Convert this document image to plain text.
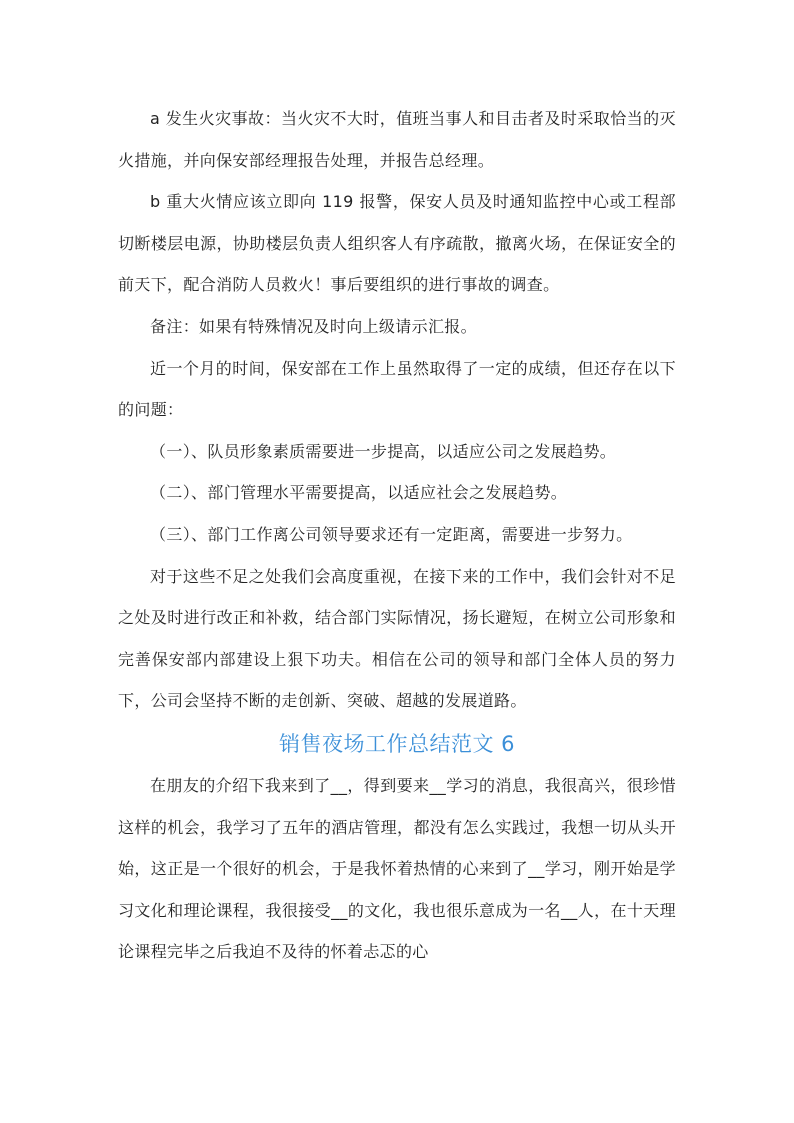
a 发生火灾事故：当火灾不大时，值班当事人和目击者及时采取恰当的灭火措施，并向保安部经理报告处理，并报告总经理。

b 重大火情应该立即向 119 报警，保安人员及时通知监控中心或工程部切断楼层电源，协助楼层负责人组织客人有序疏散，撤离火场，在保证安全的前天下，配合消防人员救火！事后要组织的进行事故的调查。

备注：如果有特殊情况及时向上级请示汇报。

近一个月的时间，保安部在工作上虽然取得了一定的成绩，但还存在以下的问题：

（一）、队员形象素质需要进一步提高，以适应公司之发展趋势。

（二）、部门管理水平需要提高，以适应社会之发展趋势。

（三）、部门工作离公司领导要求还有一定距离，需要进一步努力。

对于这些不足之处我们会高度重视，在接下来的工作中，我们会针对不足之处及时进行改正和补救，结合部门实际情况，扬长避短，在树立公司形象和完善保安部内部建设上狠下功夫。相信在公司的领导和部门全体人员的努力下，公司会坚持不断的走创新、突破、超越的发展道路。

销售夜场工作总结范文 6

在朋友的介绍下我来到了__，得到要来__学习的消息，我很高兴，很珍惜这样的机会，我学习了五年的酒店管理，都没有怎么实践过，我想一切从头开始，这正是一个很好的机会，于是我怀着热情的心来到了__学习，刚开始是学习文化和理论课程，我很接受__的文化，我也很乐意成为一名__人，在十天理论课程完毕之后我迫不及待的怀着忐忑的心
